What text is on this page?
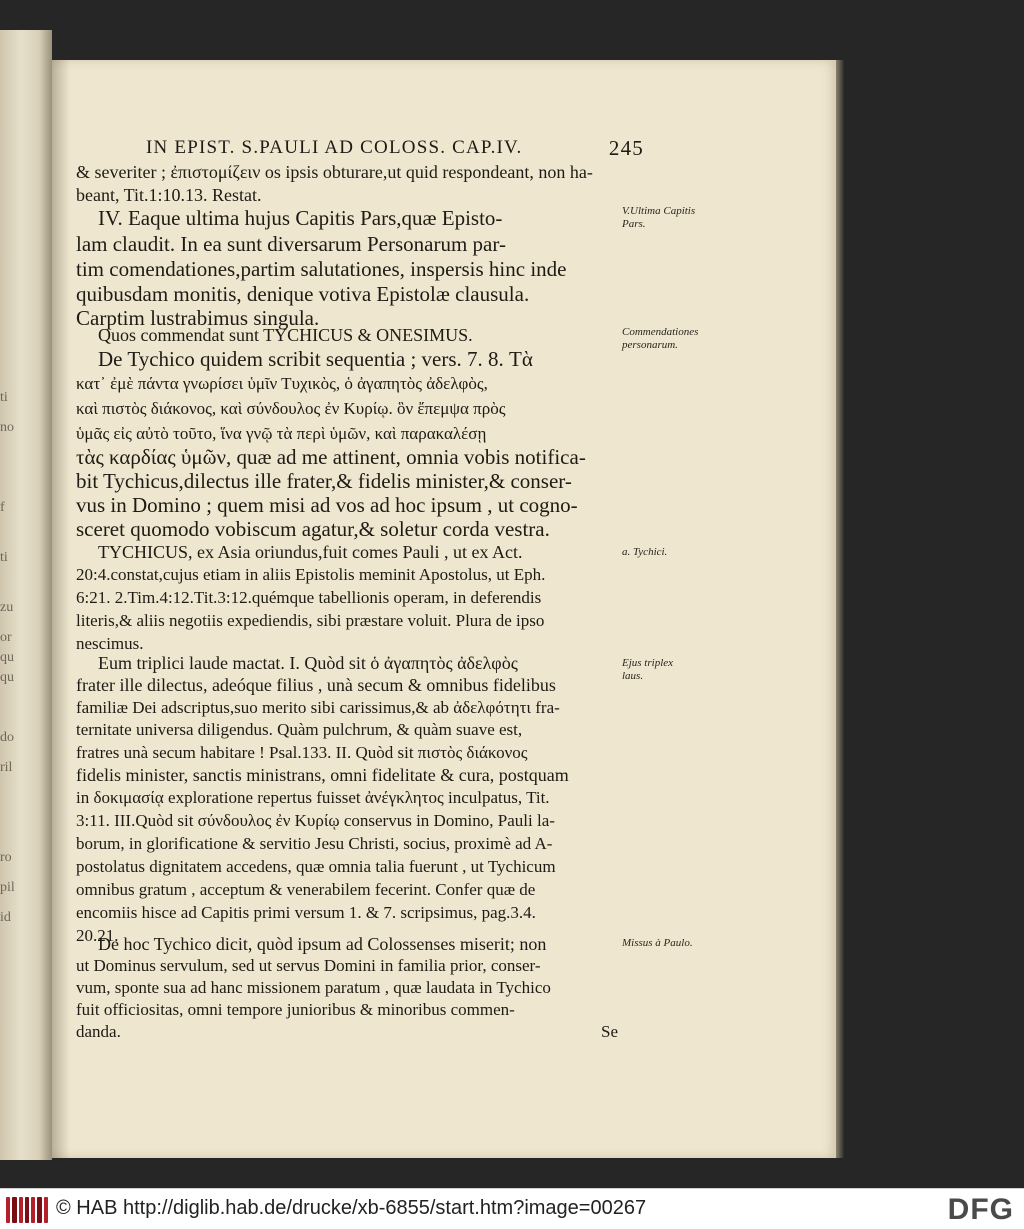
ti
no
f
ti
zu
or
qu
qu
do
ril
ro
pil
id
IN EPIST. S.PAULI AD COLOSS. CAP.IV.	245
& severiter ; ἐπιστομίζειν os ipsis obturare,ut quid respondeant, non ha-
beant, Tit.1:10.13. Restat.
IV. Eaque ultima hujus Capitis Pars,quæ Episto-
lam claudit. In ea sunt diversarum Personarum par-
tim comendationes,partim salutationes, inspersis hinc inde
quibusdam monitis, denique votiva Epistolæ clausula.
Carptim lustrabimus singula.
Quos commendat sunt TYCHICUS & ONESIMUS.
De Tychico quidem scribit sequentia ; vers. 7. 8. Τὰ
κατ᾽ ἐμὲ πάντα γνωρίσει ὑμῖν Τυχικὸς, ὁ ἀγαπητὸς ἀδελφὸς,
καὶ πιστὸς διάκονος, καὶ σύνδουλος ἐν Κυρίῳ. ὃν ἔπεμψα πρὸς
ὑμᾶς εἰς αὐτὸ τοῦτο, ἵνα γνῷ τὰ περὶ ὑμῶν, καὶ παρακαλέσῃ
τὰς καρδίας ὑμῶν, quæ ad me attinent, omnia vobis notifica-
bit Tychicus,dilectus ille frater,& fidelis minister,& conser-
vus in Domino ; quem misi ad vos ad hoc ipsum , ut cogno-
sceret quomodo vobiscum agatur,& soletur corda vestra.
TYCHICUS, ex Asia oriundus,fuit comes Pauli , ut ex Act.
20:4.constat,cujus etiam in aliis Epistolis meminit Apostolus, ut Eph.
6:21. 2.Tim.4:12.Tit.3:12.quémque tabellionis operam, in deferendis
literis,& aliis negotiis expediendis, sibi præstare voluit. Plura de ipso
nescimus.
Eum triplici laude mactat. I. Quòd sit ὁ ἀγαπητὸς ἀδελφὸς
frater ille dilectus, adeóque filius , unà secum & omnibus fidelibus
familiæ Dei adscriptus,suo merito sibi carissimus,& ab ἀδελφότητι fra-
ternitate universa diligendus. Quàm pulchrum, & quàm suave est,
fratres unà secum habitare ! Psal.133. II. Quòd sit πιστὸς διάκονος
fidelis minister, sanctis ministrans, omni fidelitate & cura, postquam
in δοκιμασίᾳ exploratione repertus fuisset ἀνέγκλητος inculpatus, Tit.
3:11. III.Quòd sit σύνδουλος ἐν Κυρίῳ conservus in Domino, Pauli la-
borum, in glorificatione & servitio Jesu Christi, socius, proximè ad A-
postolatus dignitatem accedens, quæ omnia talia fuerunt , ut Tychicum
omnibus gratum , acceptum & venerabilem fecerint. Confer quæ de
encomiis hisce ad Capitis primi versum 1. & 7. scripsimus, pag.3.4.
20.21.
De hoc Tychico dicit, quòd ipsum ad Colossenses miserit; non
ut Dominus servulum, sed ut servus Domini in familia prior, conser-
vum, sponte sua ad hanc missionem paratum , quæ laudata in Tychico
fuit officiositas, omni tempore junioribus & minoribus commen-
danda.	Se
V.Ultima Capitis Pars.
Commendationes personarum.
a. Tychici.
Ejus triplex laus.
Missus à Paulo.
© HAB http://diglib.hab.de/drucke/xb-6855/start.htm?image=00267	DFG
